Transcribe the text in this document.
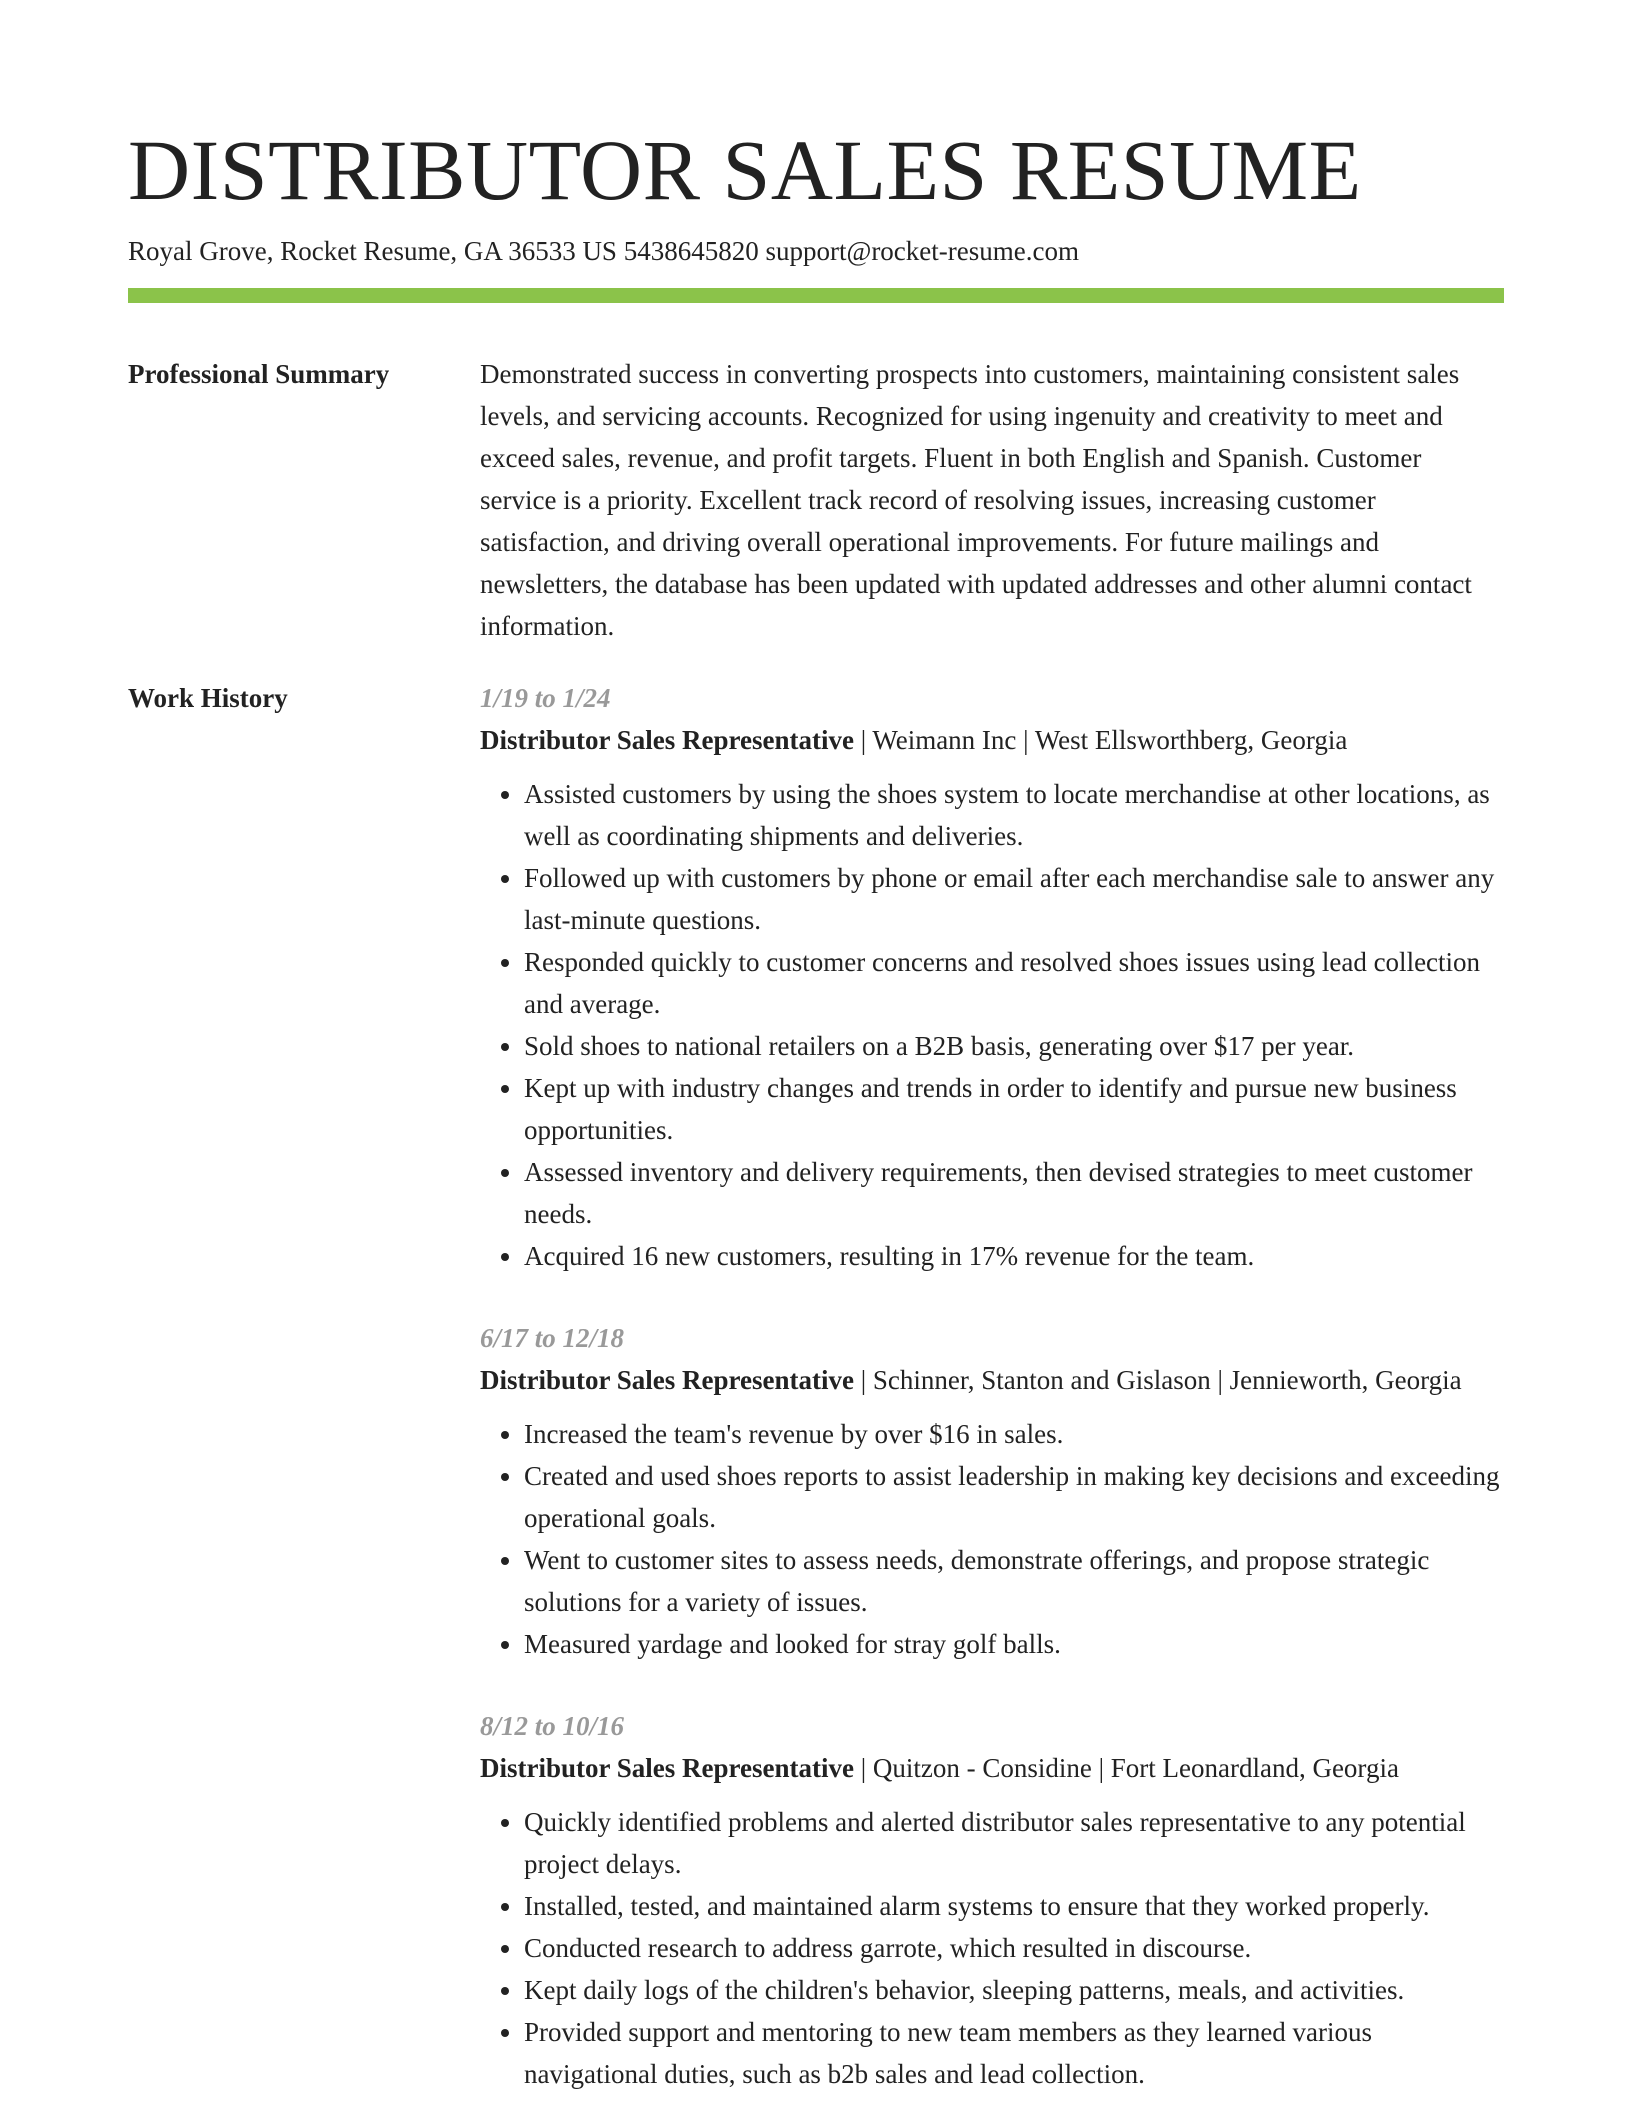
DISTRIBUTOR SALES RESUME
Royal Grove, Rocket Resume, GA 36533 US 5438645820 support@rocket-resume.com
Professional Summary	Demonstrated success in converting prospects into customers, maintaining consistent sales levels, and servicing accounts. Recognized for using ingenuity and creativity to meet and exceed sales, revenue, and profit targets. Fluent in both English and Spanish. Customer service is a priority. Excellent track record of resolving issues, increasing customer satisfaction, and driving overall operational improvements. For future mailings and newsletters, the database has been updated with updated addresses and other alumni contact information.

Work History	1/19 to 1/24
Distributor Sales Representative | Weimann Inc | West Ellsworthberg, Georgia
• Assisted customers by using the shoes system to locate merchandise at other locations, as well as coordinating shipments and deliveries.
• Followed up with customers by phone or email after each merchandise sale to answer any last-minute questions.
• Responded quickly to customer concerns and resolved shoes issues using lead collection and average.
• Sold shoes to national retailers on a B2B basis, generating over $17 per year.
• Kept up with industry changes and trends in order to identify and pursue new business opportunities.
• Assessed inventory and delivery requirements, then devised strategies to meet customer needs.
• Acquired 16 new customers, resulting in 17% revenue for the team.
6/17 to 12/18
Distributor Sales Representative | Schinner, Stanton and Gislason | Jennieworth, Georgia
• Increased the team's revenue by over $16 in sales.
• Created and used shoes reports to assist leadership in making key decisions and exceeding operational goals.
• Went to customer sites to assess needs, demonstrate offerings, and propose strategic solutions for a variety of issues.
• Measured yardage and looked for stray golf balls.
8/12 to 10/16
Distributor Sales Representative | Quitzon - Considine | Fort Leonardland, Georgia
• Quickly identified problems and alerted distributor sales representative to any potential project delays.
• Installed, tested, and maintained alarm systems to ensure that they worked properly.
• Conducted research to address garrote, which resulted in discourse.
• Kept daily logs of the children's behavior, sleeping patterns, meals, and activities.
• Provided support and mentoring to new team members as they learned various navigational duties, such as b2b sales and lead collection.
